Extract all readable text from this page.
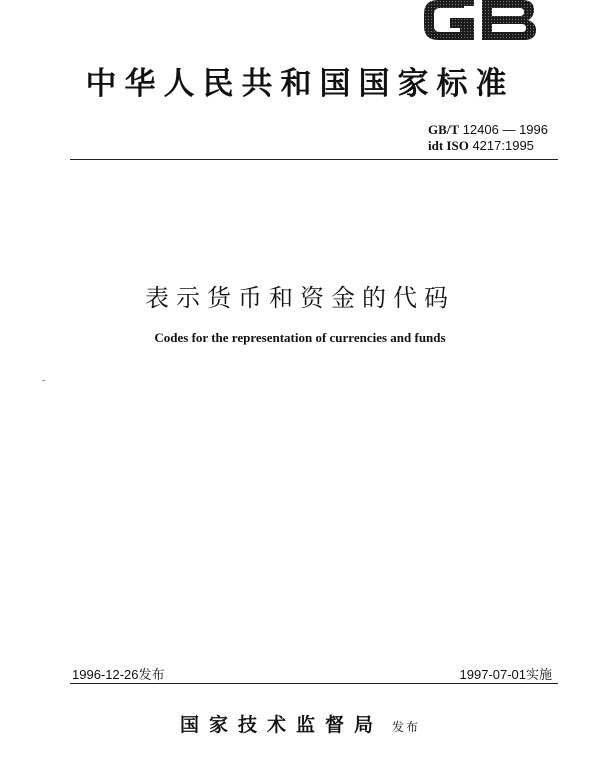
中华人民共和国国家标准
GB/T 12406 — 1996
idt ISO 4217:1995
表示货币和资金的代码
Codes for the representation of currencies and funds
1996-12-26发布	1997-07-01实施
国家技术监督局 发布
